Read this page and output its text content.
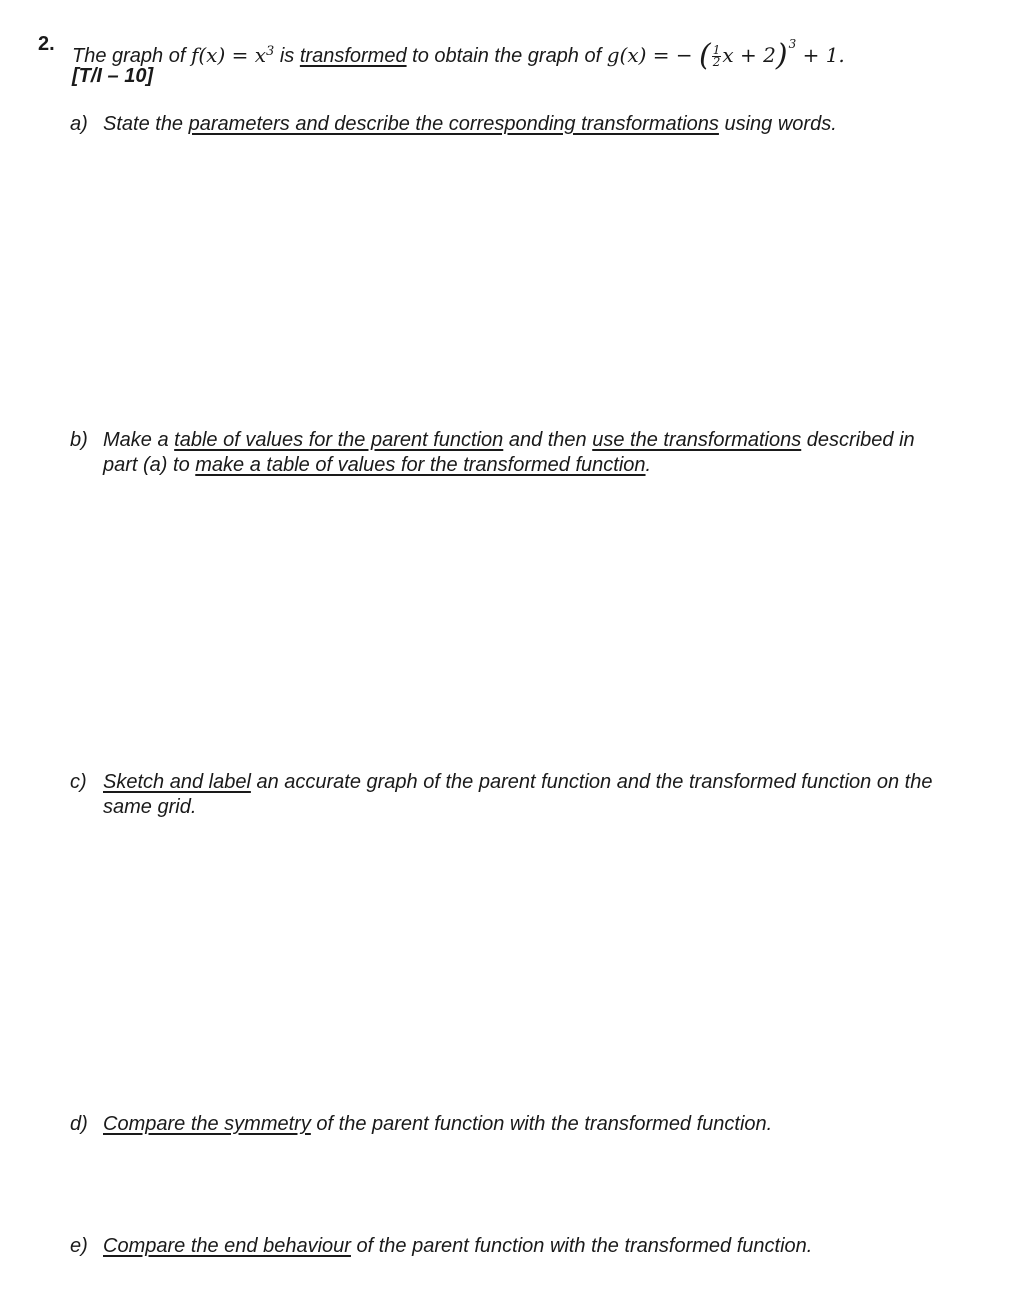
2.
The graph of $f(x) = x^3$ is transformed to obtain the graph of g(x) = − ( $\frac{1}{2}$ x + 2)$^3$ + 1.
[T/I – 10]
a) State the parameters and describe the corresponding transformations using words.
b) Make a table of values for the parent function and then use the transformations described in
part (a) to make a table of values for the transformed function.
c) Sketch and label an accurate graph of the parent function and the transformed function on the
same grid.
d) Compare the symmetry of the parent function with the transformed function.
e) Compare the end behaviour of the parent function with the transformed function.
